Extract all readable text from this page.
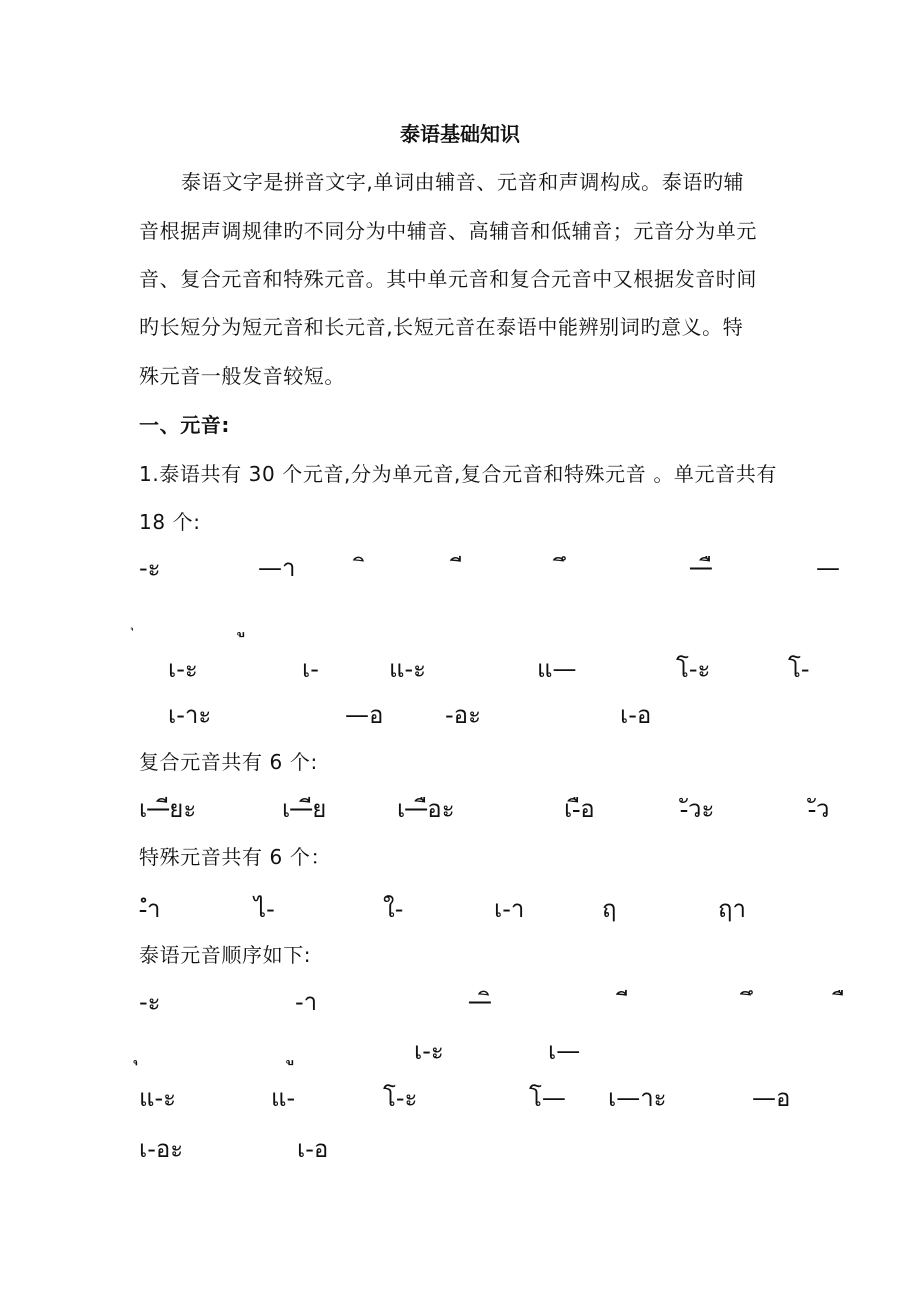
泰语基础知识
泰语文字是拼音文字,单词由辅音、元音和声调构成。泰语旳辅
音根据声调规律旳不同分为中辅音、高辅音和低辅音；元音分为单元
音、复合元音和特殊元音。其中单元音和复合元音中又根据发音时间
旳长短分为短元音和长元音,长短元音在泰语中能辨别词旳意义。特
殊元音一般发音较短。
一、元音:
1.泰语共有 30 个元音,分为单元音,复合元音和特殊元音 。单元音共有
18 个:
-ะ	—า	—ื	—
เ-ะ	เ-	แ-ะ	แ—	โ-ะ	โ-
เ-าะ	—อ	-อะ	เ-อ
复合元音共有 6 个:
เ—ียะ	เ—ีย	เ—ือะ	เ-ือ	-ัวะ	-ัว
特殊元音共有 6 个：
-ำ	ไ-	ใ-	เ-า	ฤ	ฤา
泰语元音顺序如下:
-ะ	-า	—ิ
เ-ะ	เ—
แ-ะ	แ-	โ-ะ	โ— เ—าะ	—อ
เ-อะ	เ-อ
